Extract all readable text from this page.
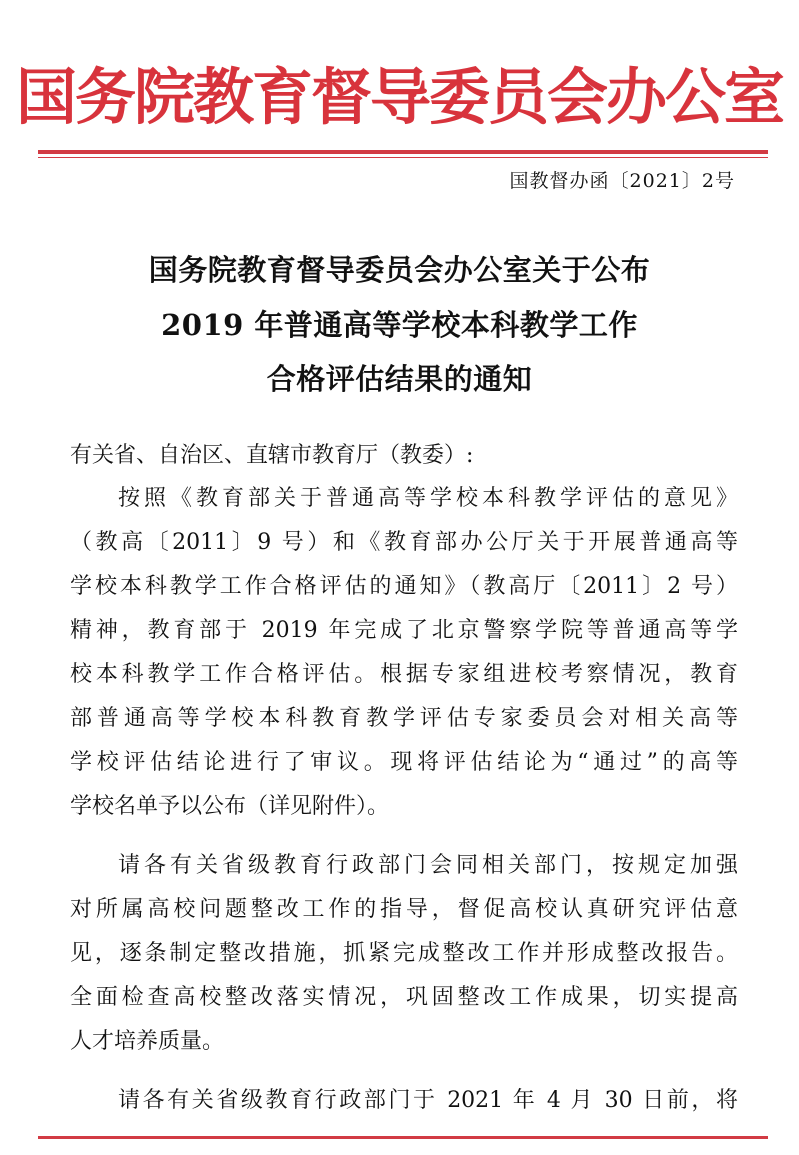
国务院教育督导委员会办公室
国教督办函〔2021〕2号
国务院教育督导委员会办公室关于公布
2019 年普通高等学校本科教学工作
合格评估结果的通知
有关省、自治区、直辖市教育厅（教委）:
按照《教育部关于普通高等学校本科教学评估的意见》
（教高〔2011〕9 号）和《教育部办公厅关于开展普通高等
学校本科教学工作合格评估的通知》（教高厅〔2011〕2 号）
精神，教育部于 2019 年完成了北京警察学院等普通高等学
校本科教学工作合格评估。根据专家组进校考察情况，教育
部普通高等学校本科教育教学评估专家委员会对相关高等
学校评估结论进行了审议。现将评估结论为“通过”的高等
学校名单予以公布（详见附件）。
请各有关省级教育行政部门会同相关部门，按规定加强
对所属高校问题整改工作的指导，督促高校认真研究评估意
见，逐条制定整改措施，抓紧完成整改工作并形成整改报告。
全面检查高校整改落实情况，巩固整改工作成果，切实提高
人才培养质量。
请各有关省级教育行政部门于 2021 年 4 月 30 日前，将
